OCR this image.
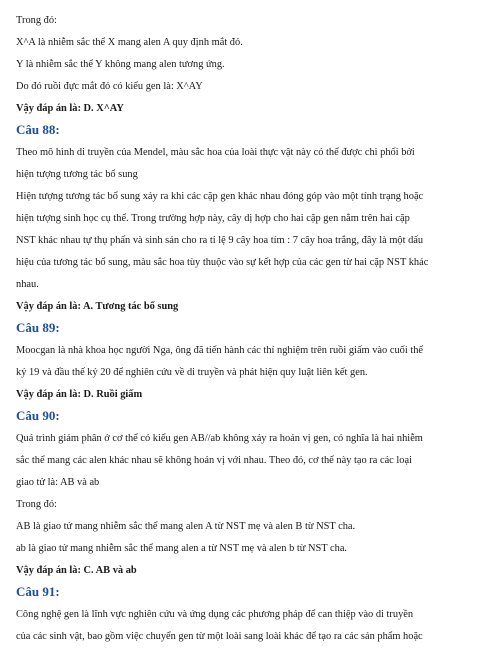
Trong đó:
X^A là nhiễm sắc thể X mang alen A quy định mắt đỏ.
Y là nhiễm sắc thể Y không mang alen tương ứng.
Do đó ruồi đực mắt đỏ có kiểu gen là: X^AY
Vậy đáp án là: D. X^AY
Câu 88:
Theo mô hình di truyền của Mendel, màu sắc hoa của loài thực vật này có thể được chi phối bởi
hiện tượng tương tác bổ sung
Hiện tượng tương tác bổ sung xảy ra khi các cặp gen khác nhau đóng góp vào một tính trạng hoặc
hiện tượng sinh học cụ thể. Trong trường hợp này, cây dị hợp cho hai cặp gen nằm trên hai cặp
NST khác nhau tự thụ phấn và sinh sản cho ra tỉ lệ 9 cây hoa tím : 7 cây hoa trắng, đây là một dấu
hiệu của tương tác bổ sung, màu sắc hoa tùy thuộc vào sự kết hợp của các gen từ hai cặp NST khác
nhau.
Vậy đáp án là: A. Tương tác bổ sung
Câu 89:
Moocgan là nhà khoa học người Nga, ông đã tiến hành các thí nghiệm trên ruồi giấm vào cuối thế
kỷ 19 và đầu thế kỷ 20 để nghiên cứu về di truyền và phát hiện quy luật liên kết gen.
Vậy đáp án là: D. Ruồi giấm
Câu 90:
Quá trình giảm phân ở cơ thể có kiểu gen AB//ab không xảy ra hoán vị gen, có nghĩa là hai nhiễm
sắc thể mang các alen khác nhau sẽ không hoán vị với nhau. Theo đó, cơ thể này tạo ra các loại
giao tử là: AB và ab
Trong đó:
AB là giao tử mang nhiễm sắc thể mang alen A từ NST mẹ và alen B từ NST cha.
ab là giao tử mang nhiễm sắc thể mang alen a từ NST mẹ và alen b từ NST cha.
Vậy đáp án là: C. AB và ab
Câu 91:
Công nghệ gen là lĩnh vực nghiên cứu và ứng dụng các phương pháp để can thiệp vào di truyền
của các sinh vật, bao gồm việc chuyển gen từ một loài sang loài khác để tạo ra các sản phẩm hoặc
